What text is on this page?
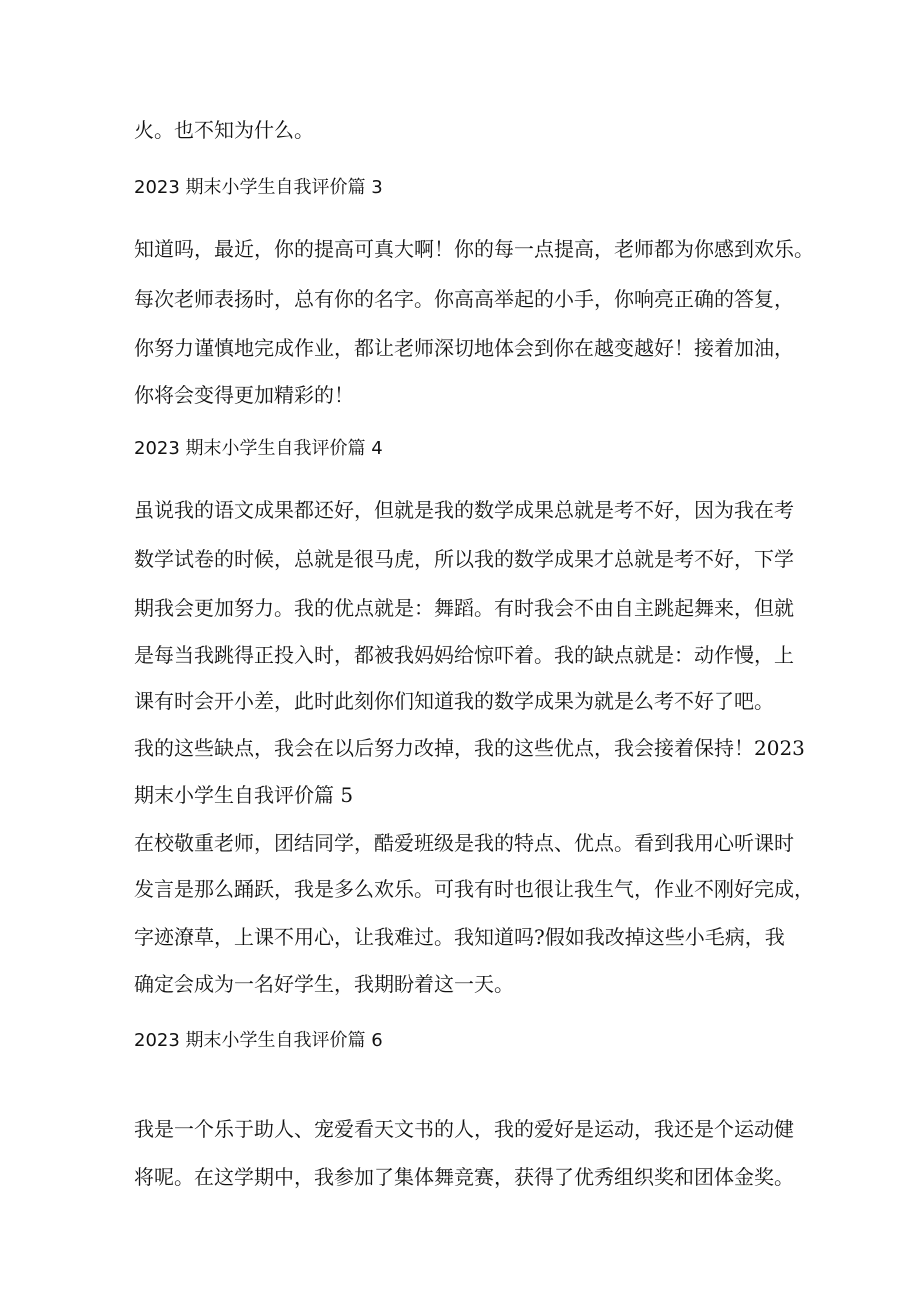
火。也不知为什么。
2023 期末小学生自我评价篇 3
知道吗，最近，你的提高可真大啊！你的每一点提高，老师都为你感到欢乐。
每次老师表扬时，总有你的名字。你高高举起的小手，你响亮正确的答复，
你努力谨慎地完成作业，都让老师深切地体会到你在越变越好！接着加油，
你将会变得更加精彩的！
2023 期末小学生自我评价篇 4
虽说我的语文成果都还好，但就是我的数学成果总就是考不好，因为我在考
数学试卷的时候，总就是很马虎，所以我的数学成果才总就是考不好，下学
期我会更加努力。我的优点就是：舞蹈。有时我会不由自主跳起舞来，但就
是每当我跳得正投入时，都被我妈妈给惊吓着。我的缺点就是：动作慢，上
课有时会开小差，此时此刻你们知道我的数学成果为就是么考不好了吧。
我的这些缺点，我会在以后努力改掉，我的这些优点，我会接着保持！2023
期末小学生自我评价篇 5
在校敬重老师，团结同学，酷爱班级是我的特点、优点。看到我用心听课时
发言是那么踊跃，我是多么欢乐。可我有时也很让我生气，作业不刚好完成，
字迹潦草，上课不用心，让我难过。我知道吗?假如我改掉这些小毛病，我
确定会成为一名好学生，我期盼着这一天。
2023 期末小学生自我评价篇 6
我是一个乐于助人、宠爱看天文书的人，我的爱好是运动，我还是个运动健
将呢。在这学期中，我参加了集体舞竞赛，获得了优秀组织奖和团体金奖。
